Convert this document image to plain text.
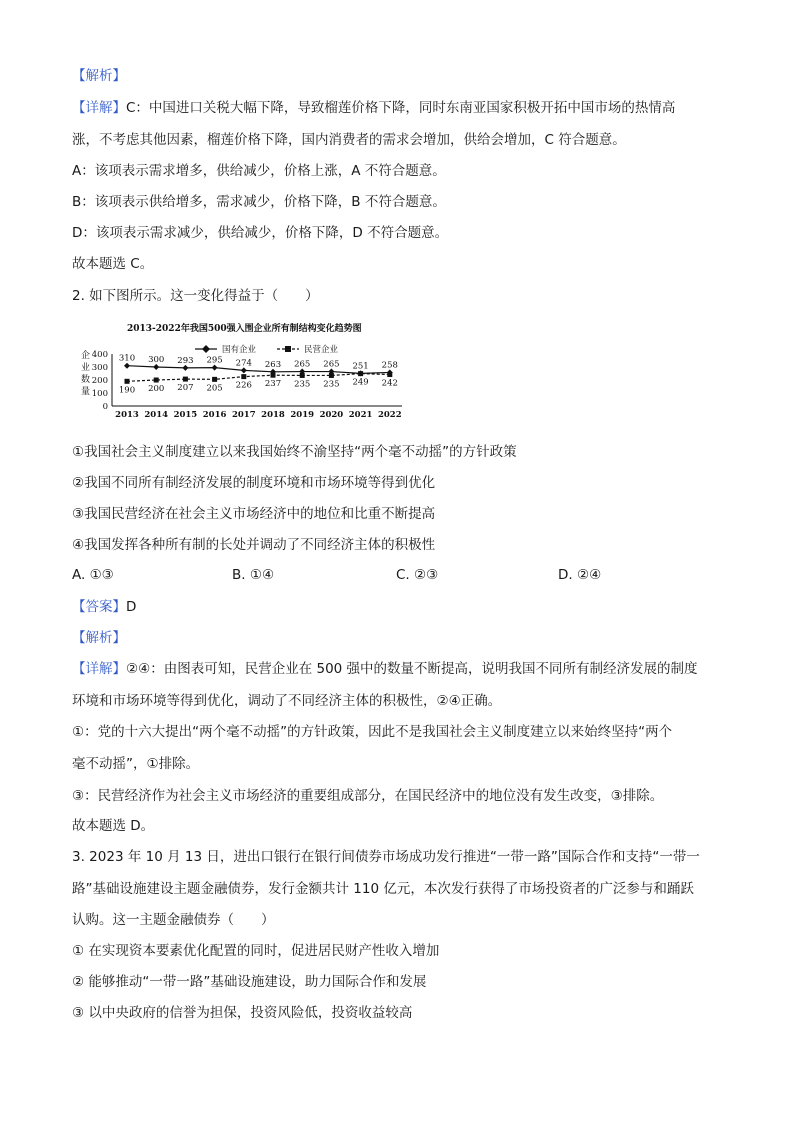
【解析】
【详解】C：中国进口关税大幅下降，导致榴莲价格下降，同时东南亚国家积极开拓中国市场的热情高
涨，不考虑其他因素，榴莲价格下降，国内消费者的需求会增加，供给会增加，C 符合题意。
A：该项表示需求增多，供给减少，价格上涨，A 不符合题意。
B：该项表示供给增多，需求减少，价格下降，B 不符合题意。
D：该项表示需求减少，供给减少，价格下降，D 不符合题意。
故本题选 C。
2. 如下图所示。这一变化得益于（　　）
2013-2022年我国500强入围企业所有制结构变化趋势图
国有企业	民营企业
企
业
数
量
0
100
200
300
400 310 300 293 295 274 263 265 265 251 258
190 200 207 205 226 237 235 235 249 242
2013 2014 2015 2016 2017 2018 2019 2020 2021 2022
①我国社会主义制度建立以来我国始终不渝坚持“两个毫不动摇”的方针政策
②我国不同所有制经济发展的制度环境和市场环境等得到优化
③我国民营经济在社会主义市场经济中的地位和比重不断提高
④我国发挥各种所有制的长处并调动了不同经济主体的积极性
A. ①③	B. ①④	C. ②③	D. ②④
【答案】D
【解析】
【详解】②④：由图表可知，民营企业在 500 强中的数量不断提高，说明我国不同所有制经济发展的制度
环境和市场环境等得到优化，调动了不同经济主体的积极性，②④正确。
①：党的十六大提出“两个毫不动摇”的方针政策，因此不是我国社会主义制度建立以来始终坚持“两个
毫不动摇”，①排除。
③：民营经济作为社会主义市场经济的重要组成部分，在国民经济中的地位没有发生改变，③排除。
故本题选 D。
3. 2023 年 10 月 13 日，进出口银行在银行间债券市场成功发行推进“一带一路”国际合作和支持“一带一
路”基础设施建设主题金融债券，发行金额共计 110 亿元，本次发行获得了市场投资者的广泛参与和踊跃
认购。这一主题金融债券（　　）
① 在实现资本要素优化配置的同时，促进居民财产性收入增加
② 能够推动“一带一路”基础设施建设，助力国际合作和发展
③ 以中央政府的信誉为担保，投资风险低，投资收益较高
